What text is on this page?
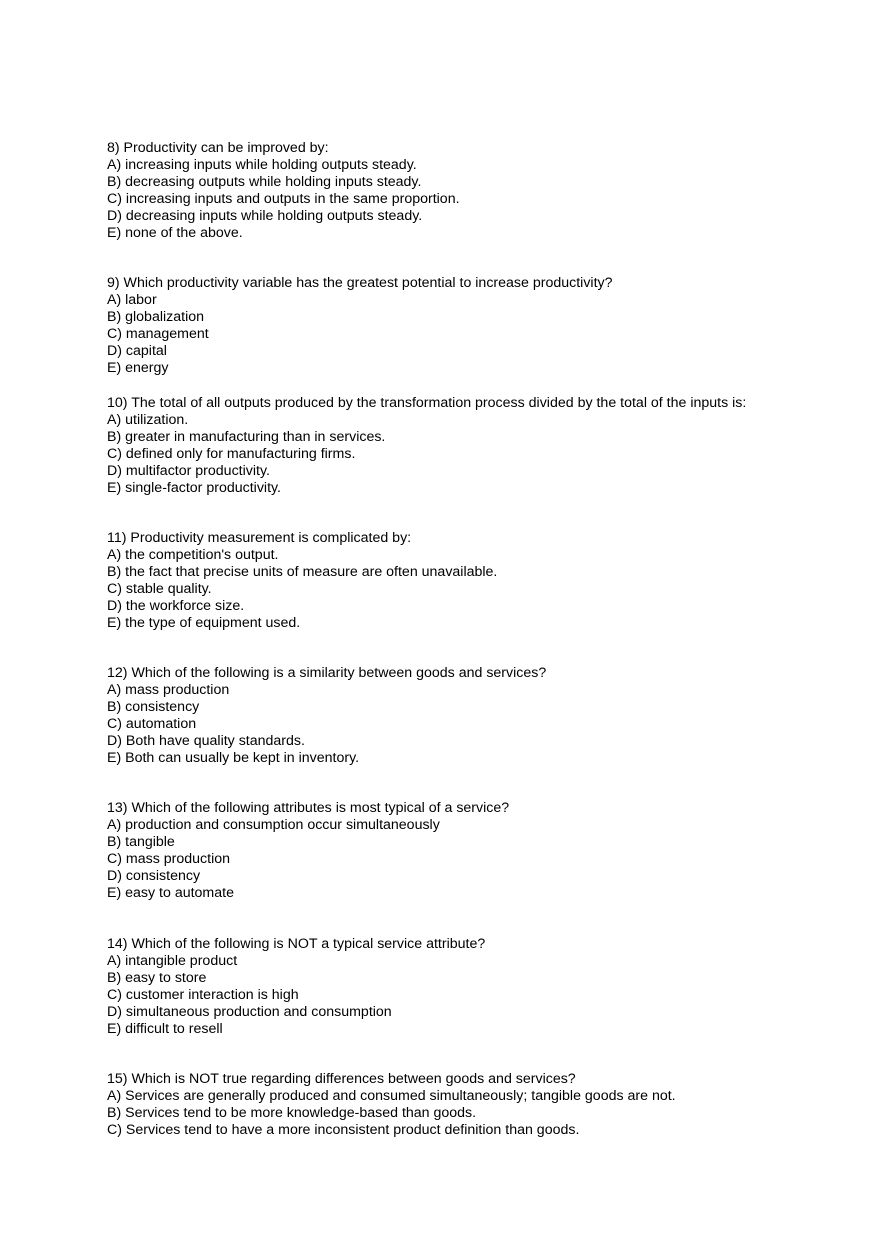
8) Productivity can be improved by:
A) increasing inputs while holding outputs steady.
B) decreasing outputs while holding inputs steady.
C) increasing inputs and outputs in the same proportion.
D) decreasing inputs while holding outputs steady.
E) none of the above.
9) Which productivity variable has the greatest potential to increase productivity?
A) labor
B) globalization
C) management
D) capital
E) energy
10) The total of all outputs produced by the transformation process divided by the total of the inputs is:
A) utilization.
B) greater in manufacturing than in services.
C) defined only for manufacturing firms.
D) multifactor productivity.
E) single-factor productivity.
11) Productivity measurement is complicated by:
A) the competition's output.
B) the fact that precise units of measure are often unavailable.
C) stable quality.
D) the workforce size.
E) the type of equipment used.
12) Which of the following is a similarity between goods and services?
A) mass production
B) consistency
C) automation
D) Both have quality standards.
E) Both can usually be kept in inventory.
13) Which of the following attributes is most typical of a service?
A) production and consumption occur simultaneously
B) tangible
C) mass production
D) consistency
E) easy to automate
14) Which of the following is NOT a typical service attribute?
A) intangible product
B) easy to store
C) customer interaction is high
D) simultaneous production and consumption
E) difficult to resell
15) Which is NOT true regarding differences between goods and services?
A) Services are generally produced and consumed simultaneously; tangible goods are not.
B) Services tend to be more knowledge-based than goods.
C) Services tend to have a more inconsistent product definition than goods.
